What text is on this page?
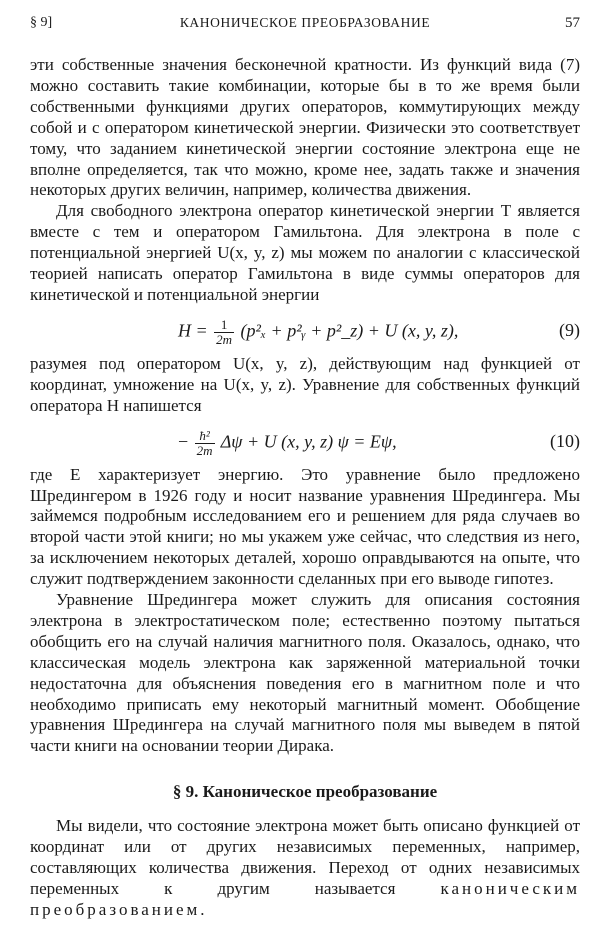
§ 9]	КАНОНИЧЕСКОЕ ПРЕОБРАЗОВАНИЕ	57

эти собственные значения бесконечной кратности. Из функций вида (7) можно составить такие комбинации, которые бы в то же время были собственными функциями других операторов, коммутирующих между собой и с оператором кинетической энергии. Физически это соответствует тому, что заданием кинетической энергии состояние электрона еще не вполне определяется, так что можно, кроме нее, задать также и значения некоторых других величин, например, количества движения.

Для свободного электрона оператор кинетической энергии T является вместе с тем и оператором Гамильтона. Для электрона в поле с потенциальной энергией U(x, y, z) мы можем по аналогии с классической теорией написать оператор Гамильтона в виде суммы операторов для кинетической и потенциальной энергии

$H = \frac{1}{2m} (p^2_x$ + p²ᵧ + p²_z) + U (x, y, z),	(9)

разумея под оператором U(x, y, z), действующим над функцией от координат, умножение на U(x, y, z). Уравнение для собственных функций оператора H напишется

− $\frac{\text{ħ²}}{2m}$ Δψ + U (x, y, z) ψ = Eψ,	(10)

где E характеризует энергию. Это уравнение было предложено Шредингером в 1926 году и носит название уравнения Шредингера. Мы займемся подробным исследованием его и решением для ряда случаев во второй части этой книги; но мы укажем уже сейчас, что следствия из него, за исключением некоторых деталей, хорошо оправдываются на опыте, что служит подтверждением законности сделанных при его выводе гипотез.

Уравнение Шредингера может служить для описания состояния электрона в электростатическом поле; естественно поэтому пытаться обобщить его на случай наличия магнитного поля. Оказалось, однако, что классическая модель электрона как заряженной материальной точки недостаточна для объяснения поведения его в магнитном поле и что необходимо приписать ему некоторый магнитный момент. Обобщение уравнения Шредингера на случай магнитного поля мы выведем в пятой части книги на основании теории Дирака.

§ 9. Каноническое преобразование

Мы видели, что состояние электрона может быть описано функцией от координат или от других независимых переменных, например, составляющих количества движения. Переход от одних независимых переменных к другим называется каноническим преобразованием.
